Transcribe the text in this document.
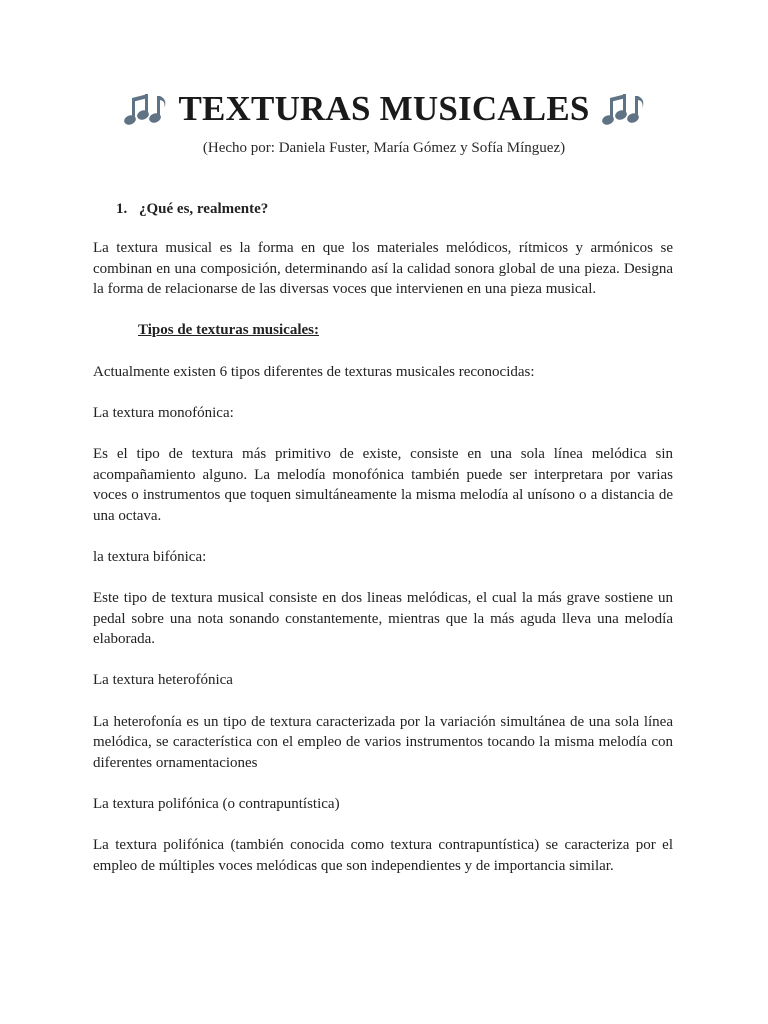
TEXTURAS MUSICALES
(Hecho por: Daniela Fuster, María Gómez y Sofía Mínguez)
1. ¿Qué es, realmente?

La textura musical es la forma en que los materiales melódicos, rítmicos y armónicos se combinan en una composición, determinando así la calidad sonora global de una pieza. Designa la forma de relacionarse de las diversas voces que intervienen en una pieza musical.

Tipos de texturas musicales:

Actualmente existen 6 tipos diferentes de texturas musicales reconocidas:

La textura monofónica:

Es el tipo de textura más primitivo de existe, consiste en una sola línea melódica sin acompañamiento alguno. La melodía monofónica también puede ser interpretara por varias voces o instrumentos que toquen simultáneamente la misma melodía al unísono o a distancia de una octava.

la textura bifónica:

Este tipo de textura musical consiste en dos lineas melódicas, el cual la más grave sostiene un pedal sobre una nota sonando constantemente, mientras que la más aguda lleva una melodía elaborada.

La textura heterofónica

La heterofonía es un tipo de textura caracterizada por la variación simultánea de una sola línea melódica, se característica con el empleo de varios instrumentos tocando la misma melodía con diferentes ornamentaciones

La textura polifónica (o contrapuntística)

La textura polifónica (también conocida como textura contrapuntística) se caracteriza por el empleo de múltiples voces melódicas que son independientes y de importancia similar.
